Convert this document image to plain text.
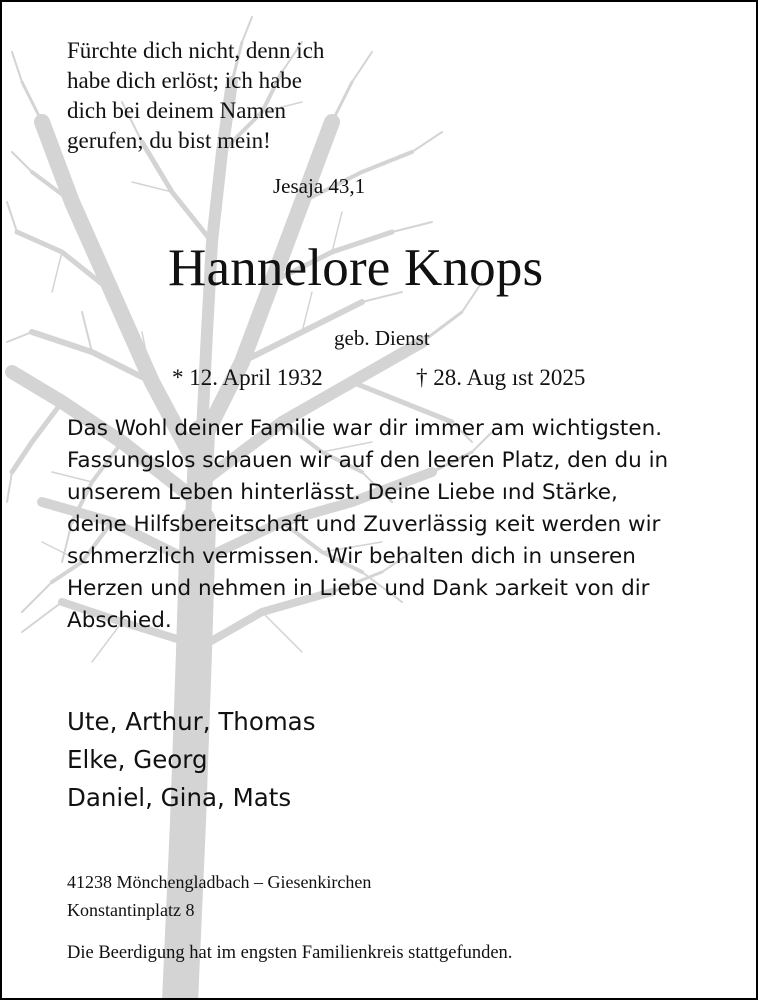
Fürchte dich nicht, denn ich
habe dich erlöst; ich habe
dich bei deinem Namen
gerufen; du bist mein!

Jesaja 43,1

Hannelore Knops

geb. Dienst

* 12. April 1932	† 28. Aug ıst 2025

Das Wohl deiner Familie war dir immer am wichtigsten.
Fassungslos schauen wir auf den leeren Platz, den du in
unserem Leben hinterlässt. Deine Liebe ınd Stärke,
deine Hilfsbereitschaft und Zuverlässig ĸeit werden wir
schmerzlich vermissen. Wir behalten dich in unseren
Herzen und nehmen in Liebe und Dank ɔarkeit von dir
Abschied.
Ute, Arthur, Thomas
Elke, Georg
Daniel, Gina, Mats
41238 Mönchengladbach – Giesenkirchen
Konstantinplatz 8

Die Beerdigung hat im engsten Familienkreis stattgefunden.
